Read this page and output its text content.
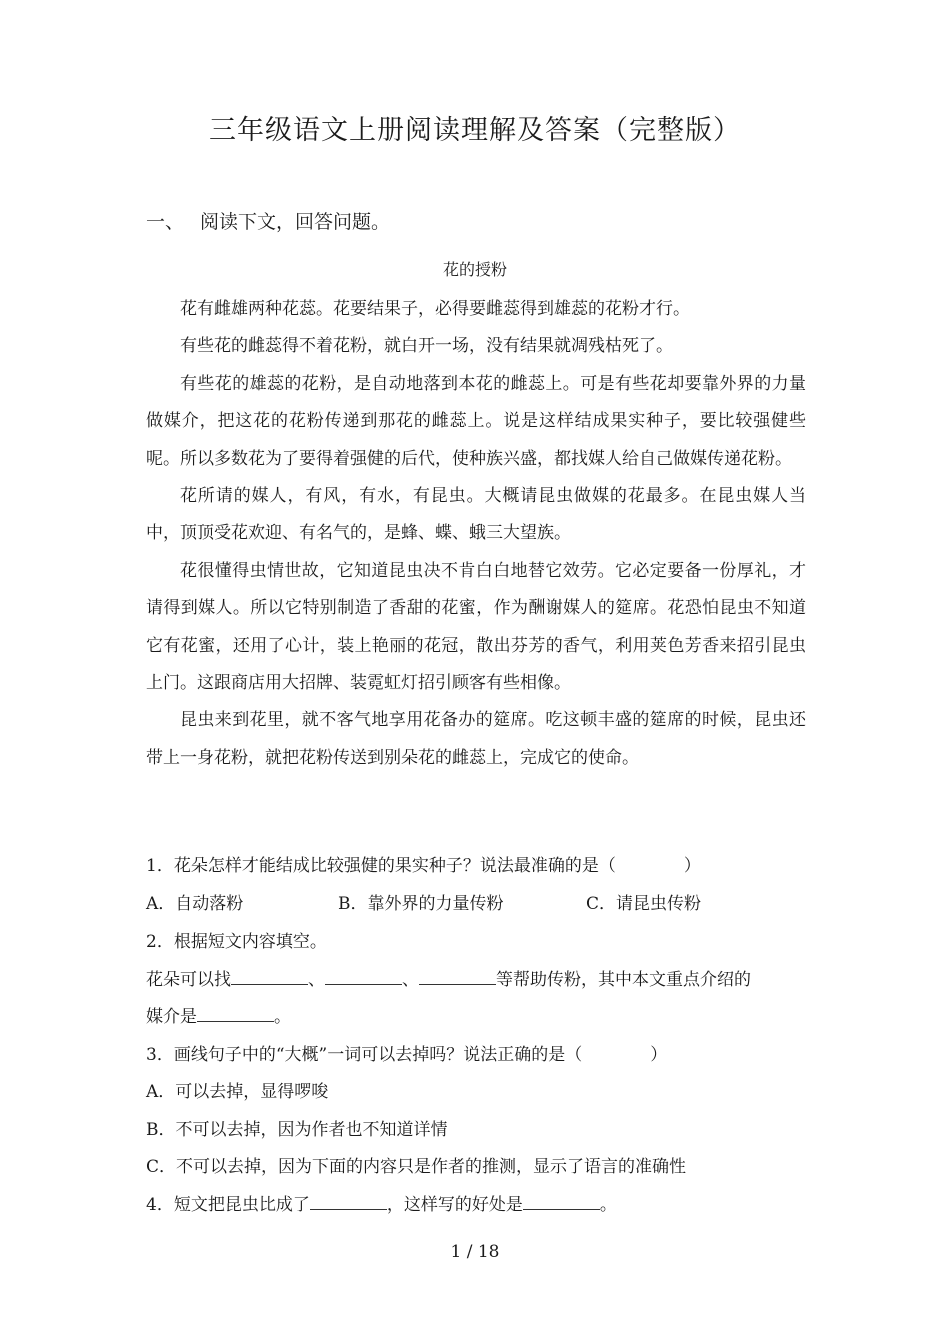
三年级语文上册阅读理解及答案（完整版）
一、 阅读下文，回答问题。
花的授粉

花有雌雄两种花蕊。花要结果子，必得要雌蕊得到雄蕊的花粉才行。

有些花的雌蕊得不着花粉，就白开一场，没有结果就凋残枯死了。

有些花的雄蕊的花粉，是自动地落到本花的雌蕊上。可是有些花却要靠外界的力量做媒介，把这花的花粉传递到那花的雌蕊上。说是这样结成果实种子，要比较强健些呢。所以多数花为了要得着强健的后代，使种族兴盛，都找媒人给自己做媒传递花粉。

花所请的媒人，有风，有水，有昆虫。大概请昆虫做媒的花最多。在昆虫媒人当中，顶顶受花欢迎、有名气的，是蜂、蝶、蛾三大望族。

花很懂得虫情世故，它知道昆虫决不肯白白地替它效劳。它必定要备一份厚礼，才请得到媒人。所以它特别制造了香甜的花蜜，作为酬谢媒人的筵席。花恐怕昆虫不知道它有花蜜，还用了心计，装上艳丽的花冠，散出芬芳的香气，利用荚色芳香来招引昆虫上门。这跟商店用大招牌、装霓虹灯招引顾客有些相像。

昆虫来到花里，就不客气地享用花备办的筵席。吃这顿丰盛的筵席的时候，昆虫还带上一身花粉，就把花粉传送到别朵花的雌蕊上，完成它的使命。

1．花朵怎样才能结成比较强健的果实种子？说法最准确的是（　　　　）
A．自动落粉	B．靠外界的力量传粉	C．请昆虫传粉
2．根据短文内容填空。
花朵可以找	、	、	等帮助传粉，其中本文重点介绍的
媒介是	。
3．画线句子中的“大概”一词可以去掉吗？说法正确的是（　　　　）
A．可以去掉，显得啰唆
B．不可以去掉，因为作者也不知道详情
C．不可以去掉，因为下面的内容只是作者的推测，显示了语言的准确性
4．短文把昆虫比成了	，这样写的好处是	。
1 / 18
